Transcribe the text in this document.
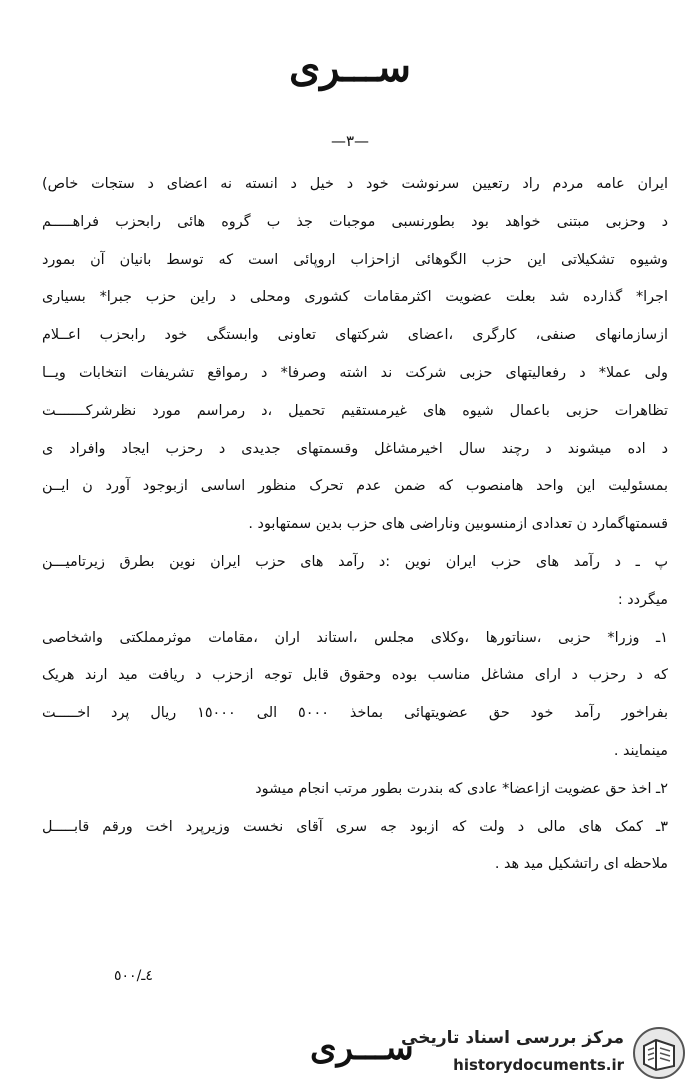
ســـری
—٣—
ایران عامه مردم راد رتعیین سرنوشت خود د خیل د انسته نه اعضای د ستجات خاص)
د وحزبی مبتنی خواهد بود بطورنسبی موجبات جذ ب گروه هائی رابحزب فراهـــــم
وشیوه تشکیلاتی این حزب الگوهائی ازاحزاب اروپائی است که توسط بانیان آن بمورد
اجرا* گذارده شد بعلت عضویت اکثرمقامات کشوری ومحلی د راین حزب جبرا* بسیاری
ازسازمانهای صنفی، کارگری ،اعضای شرکتهای تعاونی وابستگی خود رابحزب اعــلام
ولی عملا* د رفعالیتهای حزبی شرکت ند اشته وصرفا* د رمواقع تشریفات انتخابات ویــا
تظاهرات حزبی باعمال شیوه های غیرمستقیم تحمیل ،د رمراسم مورد نظرشرکـــــــت
د اده میشوند د رچند سال اخیرمشاغل وقسمتهای جدیدی د رحزب ایجاد وافراد ی
بمسئولیت این واحد هامنصوب که ضمن عدم تحرک منظور اساسی ازبوجود آورد ن ایــن
قسمتهاگمارد ن تعدادی ازمنسوبین وناراضی های حزب بدین سمتهابود .
پ ـ د رآمد های حزب ایران نوین :د رآمد های حزب ایران نوین بطرق زیرتامیـــن
میگردد :
١ـ وزرا* حزبی ،سناتورها ،وکلای مجلس ،استاند اران ،مقامات موثرمملکتی واشخاصی
که د رحزب د ارای مشاغل مناسب بوده وحقوق قابل توجه ازحزب د ریافت مید ارند هریک
بفراخور رآمد خود حق عضویتهائی بماخذ ٥٠٠٠ الی ١٥٠٠٠ ریال پرد اخـــــت
مینمایند .
٢ـ اخذ حق عضویت ازاعضا* عادی که بندرت بطور مرتب انجام میشود
٣ـ کمک های مالی د ولت که ازبود جه سری آقای نخست وزیرپرد اخت ورقم قابـــــل
ملاحظه ای راتشکیل مید هد .
٤ـ/٥٠٠
ســـری
مرکز بررسی اسناد تاریخی
historydocuments.ir
